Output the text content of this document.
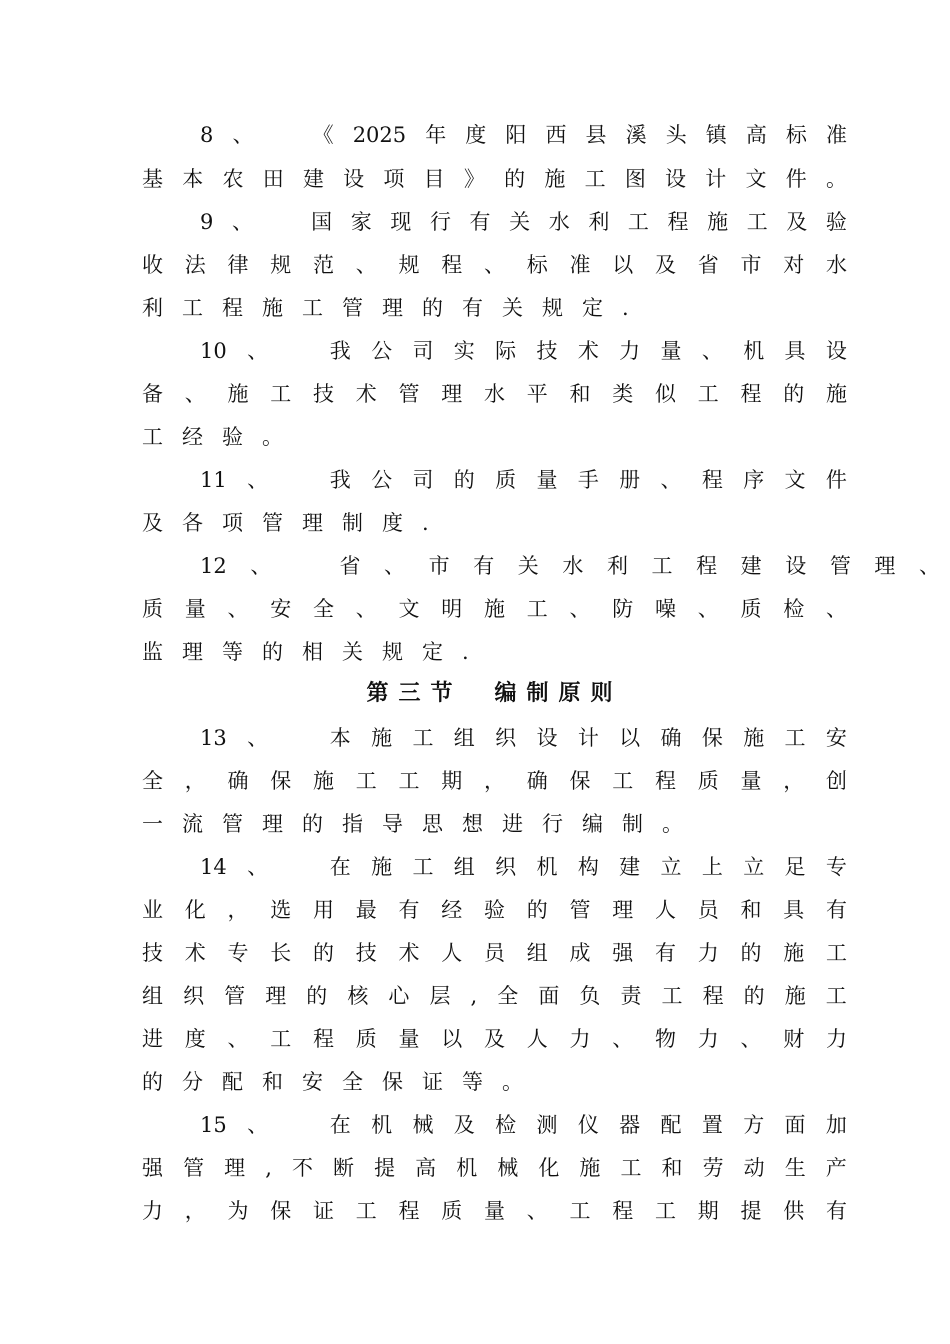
8 、
　	《 2025 年 度 阳 西 县 溪 头 镇 高 标 准
基 本 农 田 建 设 项 目 》 的 施 工 图 设 计 文 件 。
9 、
　	国 家 现 行 有 关 水 利 工 程 施 工 及 验
收 法 律 规 范 、 规 程 、 标 准 以 及 省 市 对 水
利 工 程 施 工 管 理 的 有 关 规 定 .
10 、
　	我 公 司 实 际 技 术 力 量 、 机 具 设
备 、 施 工 技 术 管 理 水 平 和 类 似 工 程 的 施
工 经 验 。
11 、
　	我 公 司 的 质 量 手 册 、 程 序 文 件
及 各 项 管 理 制 度 .
12 、
　	省 、 市 有 关 水 利 工 程 建 设 管 理 、
质 量 、 安 全 、 文 明 施 工 、 防 噪 、 质 检 、
监 理 等 的 相 关 规 定 .
第三节　编制原则
13 、
　	本 施 工 组 织 设 计 以 确 保 施 工 安
全 ， 确 保 施 工 工 期 ， 确 保 工 程 质 量 ， 创
一 流 管 理 的 指 导 思 想 进 行 编 制 。
14 、
　	在 施 工 组 织 机 构 建 立 上 立 足 专
业 化 ， 选 用 最 有 经 验 的 管 理 人 员 和 具 有
技 术 专 长 的 技 术 人 员 组 成 强 有 力 的 施 工
组 织 管 理 的 核 心 层 , 全 面 负 责 工 程 的 施 工
进 度 、 工 程 质 量 以 及 人 力 、 物 力 、 财 力
的 分 配 和 安 全 保 证 等 。
15 、
　	在 机 械 及 检 测 仪 器 配 置 方 面 加
强 管 理 , 不 断 提 高 机 械 化 施 工 和 劳 动 生 产
力 ， 为 保 证 工 程 质 量 、 工 程 工 期 提 供 有
